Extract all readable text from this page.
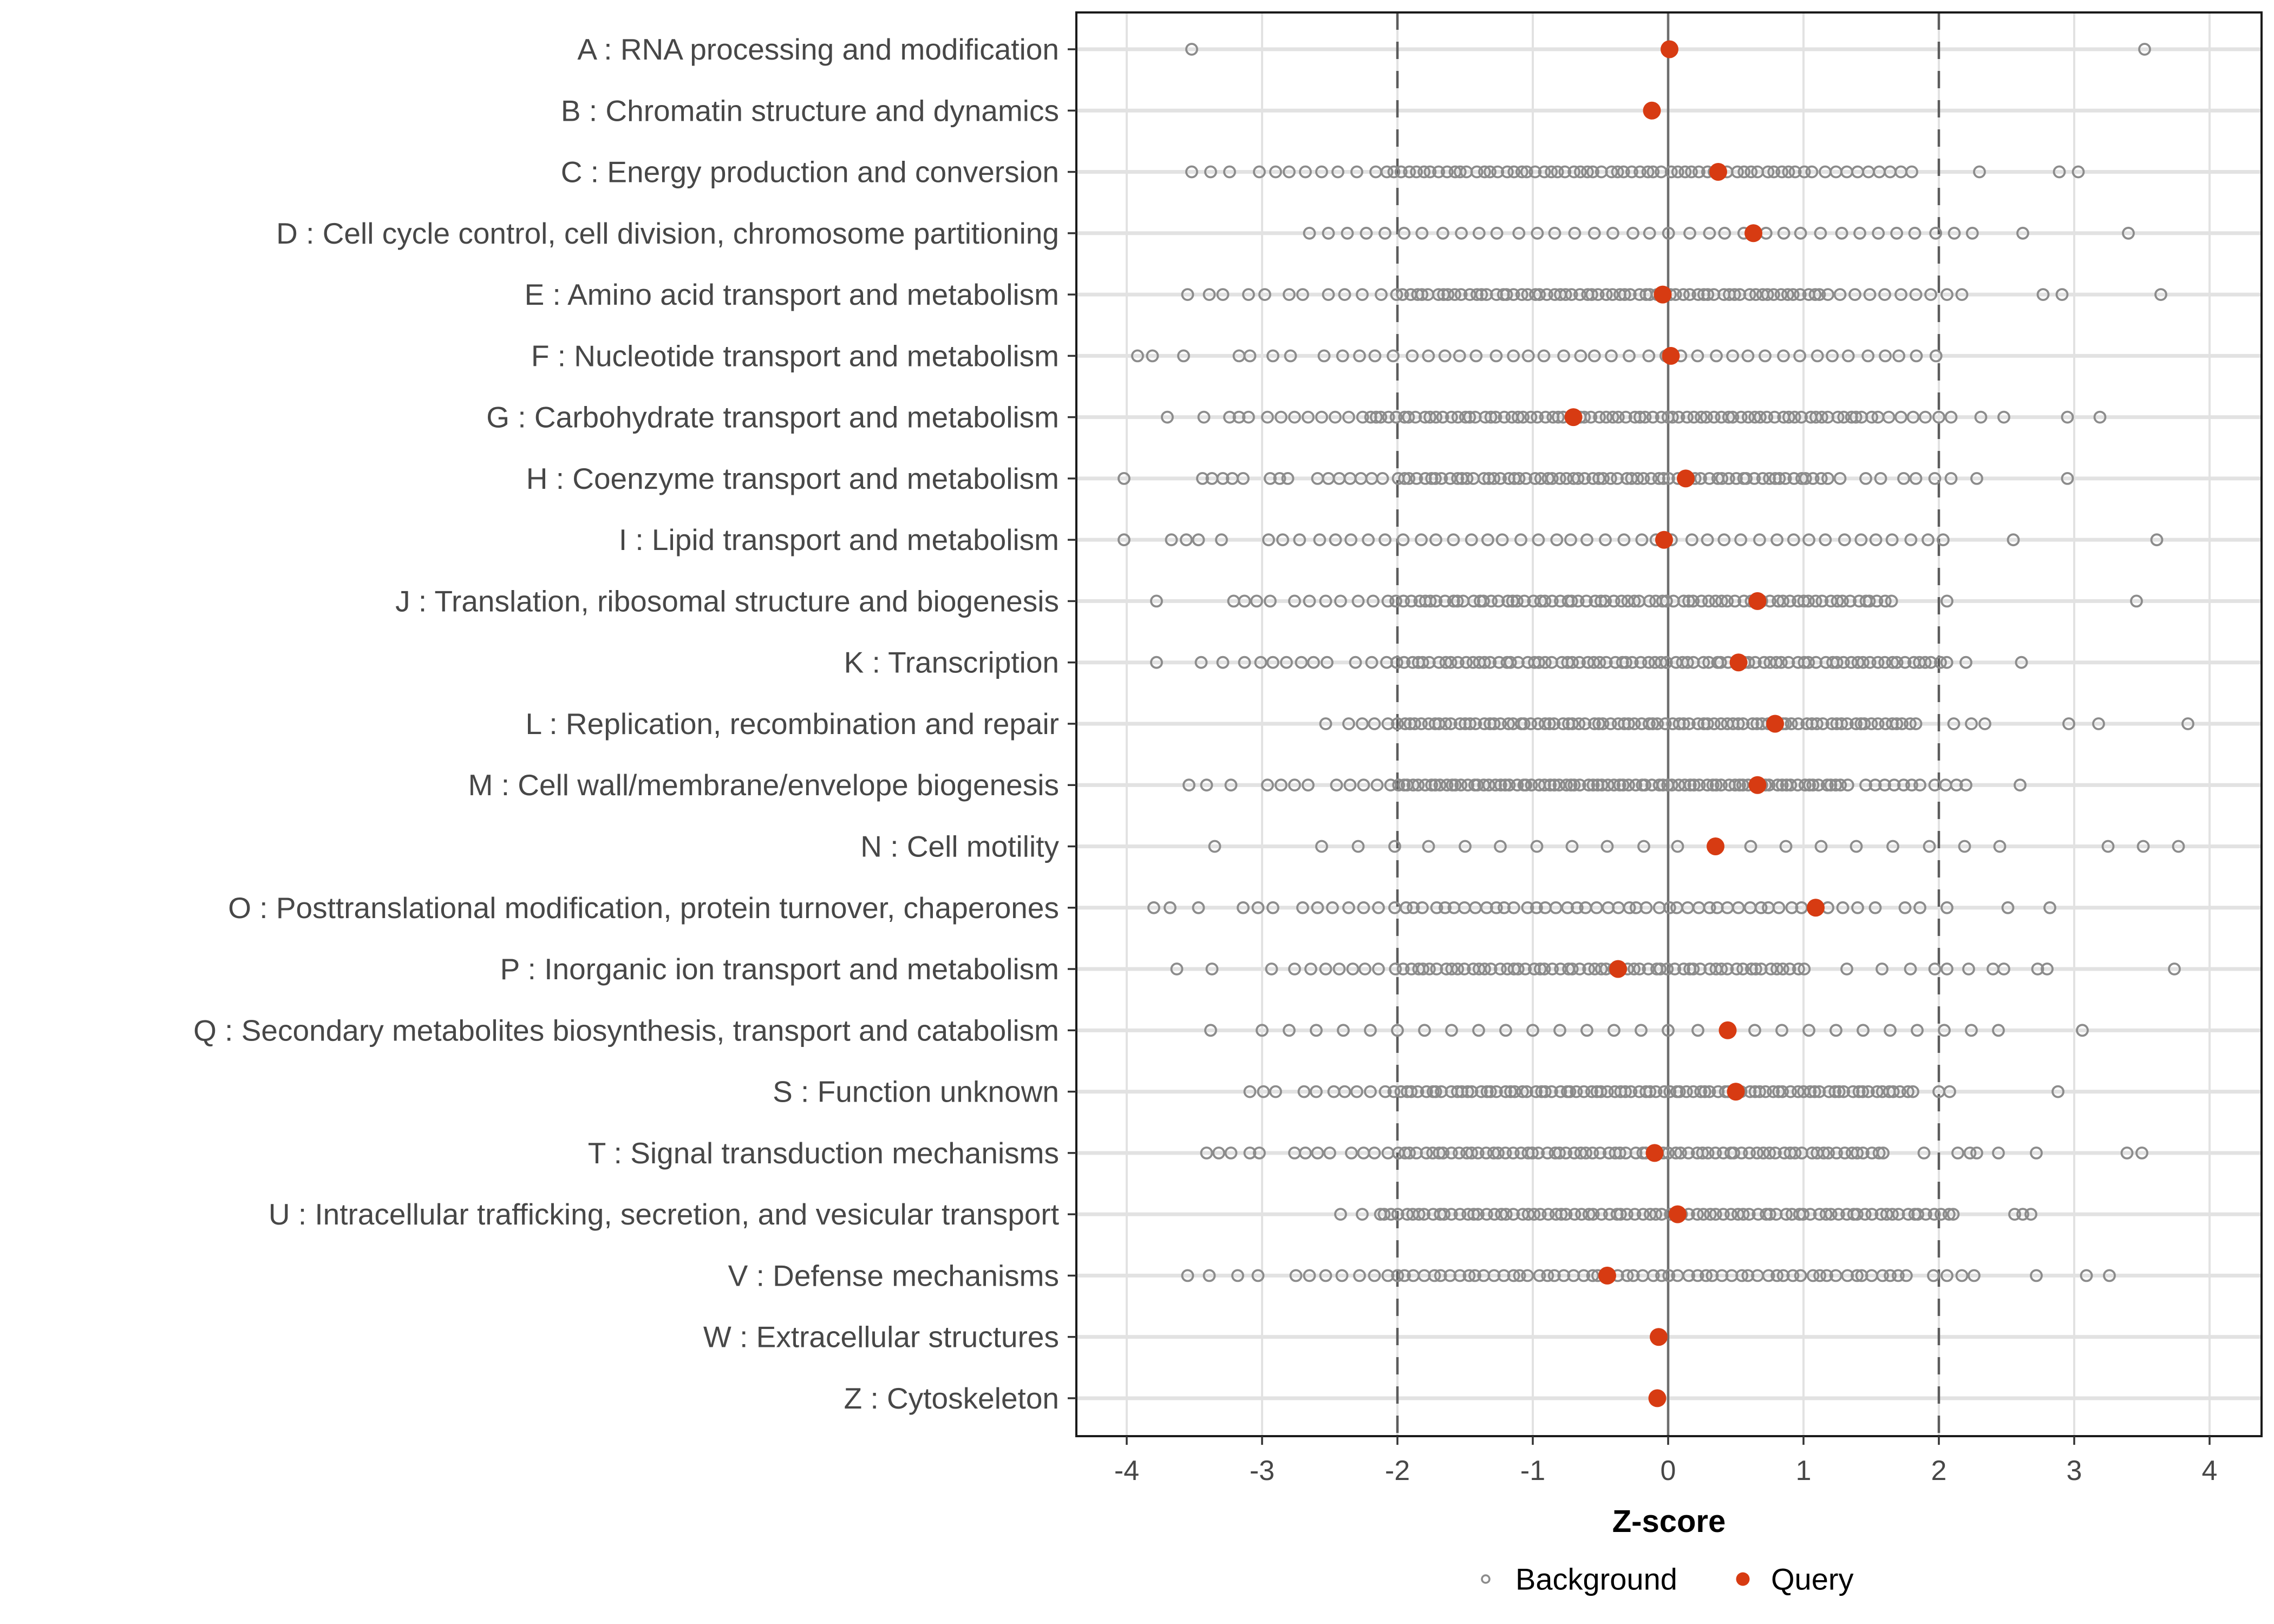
-4	-3	-2	-1	0	1	2	3	4
A : RNA processing and modification
B : Chromatin structure and dynamics
C : Energy production and conversion
D : Cell cycle control, cell division, chromosome partitioning
E : Amino acid transport and metabolism
F : Nucleotide transport and metabolism
G : Carbohydrate transport and metabolism
H : Coenzyme transport and metabolism
I : Lipid transport and metabolism
J : Translation, ribosomal structure and biogenesis
K : Transcription
L : Replication, recombination and repair
M : Cell wall/membrane/envelope biogenesis
N : Cell motility
O : Posttranslational modification, protein turnover, chaperones
P : Inorganic ion transport and metabolism
Q : Secondary metabolites biosynthesis, transport and catabolism
S : Function unknown
T : Signal transduction mechanisms
U : Intracellular trafficking, secretion, and vesicular transport
V : Defense mechanisms
W : Extracellular structures
Z : Cytoskeleton
Z-score
Background	Query
